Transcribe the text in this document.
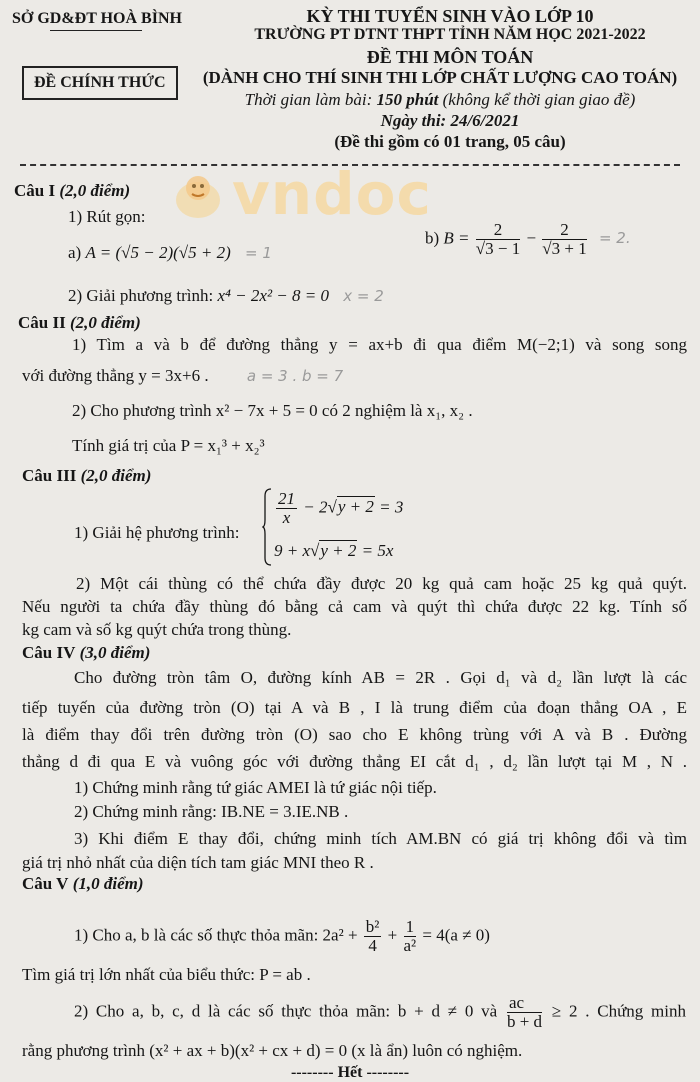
SỞ GD&ĐT HOÀ BÌNH
ĐỀ CHÍNH THỨC
KỲ THI TUYỂN SINH VÀO LỚP 10
TRƯỜNG PT DTNT THPT TỈNH NĂM HỌC 2021-2022
ĐỀ THI MÔN TOÁN
(DÀNH CHO THÍ SINH THI LỚP CHẤT LƯỢNG CAO TOÁN)
Thời gian làm bài: 150 phút (không kể thời gian giao đề)
Ngày thi: 24/6/2021
(Đề thi gồm có 01 trang, 05 câu)
vndoc
Câu I (2,0 điểm)
1) Rút gọn:
a) A = (√5 − 2)(√5 + 2) = 1
b) $B = \frac{2}{√3 - 1} - \frac{2}{√3 + 1} = 2$.
2) Giải phương trình: x⁴ − 2x² − 8 = 0 x = 2
Câu II (2,0 điểm)
1) Tìm a và b để đường thẳng y = ax+b đi qua điểm M(−2;1) và song song
với đường thẳng y = 3x+6 .	a = 3 . b = 7
2) Cho phương trình x² − 7x + 5 = 0 có 2 nghiệm là x₁, x₂ .
Tính giá trị của P = x₁³ + x₂³
Câu III (2,0 điểm)
1) Giải hệ phương trình:
$\frac{21}{x} - 2√y + 2 = 3$
9 + x√y + 2 = 5x
2) Một cái thùng có thể chứa đầy được 20 kg quả cam hoặc 25 kg quả quýt.
Nếu người ta chứa đầy thùng đó bằng cả cam và quýt thì chứa được 22 kg. Tính số
kg cam và số kg quýt chứa trong thùng.
Câu IV (3,0 điểm)
Cho đường tròn tâm O, đường kính AB = 2R . Gọi d₁ và d₂ lần lượt là các
tiếp tuyến của đường tròn (O) tại A và B , I là trung điểm của đoạn thẳng OA , E
là điểm thay đổi trên đường tròn (O) sao cho E không trùng với A và B . Đường
thẳng d đi qua E và vuông góc với đường thẳng EI cắt d₁ , d₂ lần lượt tại M , N .
1) Chứng minh rằng tứ giác AMEI là tứ giác nội tiếp.
2) Chứng minh rằng: IB.NE = 3.IE.NB .
3) Khi điểm E thay đổi, chứng minh tích AM.BN có giá trị không đổi và tìm
giá trị nhỏ nhất của diện tích tam giác MNI theo R .
Câu V (1,0 điểm)
1) Cho a, b là các số thực thỏa mãn: $2a^2 + \frac{\text{b²}}{4} + \frac{1}{\text{a²}} = 4(a \ne 0)$
Tìm giá trị lớn nhất của biểu thức: P = ab .
2) Cho a, b, c, d là các số thực thỏa mãn: b + d ≠ 0 và $\frac{ac}{b + d} \ge 2$ . Chứng minh
rằng phương trình (x² + ax + b)(x² + cx + d) = 0 (x là ẩn) luôn có nghiệm.
-------- Hết --------
